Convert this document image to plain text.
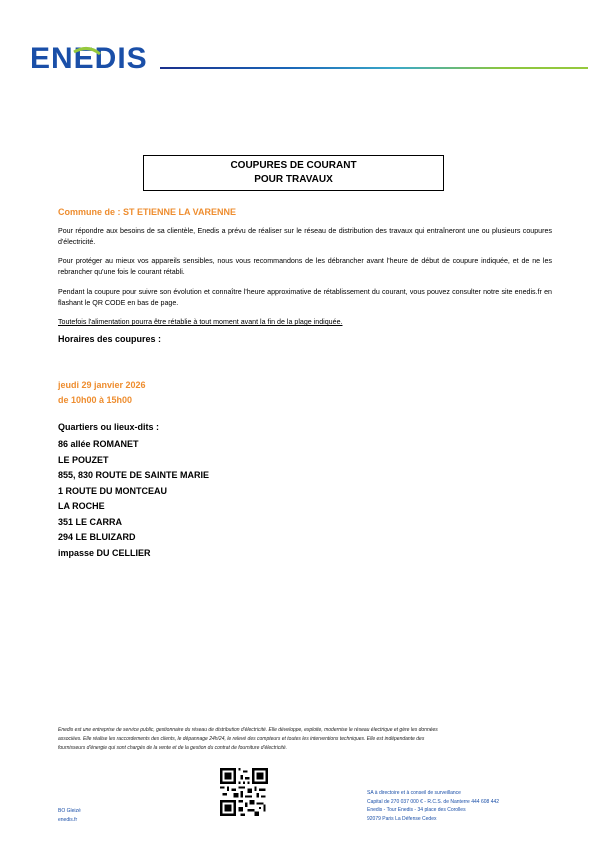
ENEDIS
COUPURES DE COURANT
POUR TRAVAUX
Commune de : ST ETIENNE LA VARENNE
Pour répondre aux besoins de sa clientèle, Enedis a prévu de réaliser sur le réseau de distribution des travaux qui entraîneront une ou plusieurs coupures d'électricité.
Pour protéger au mieux vos appareils sensibles, nous vous recommandons de les débrancher avant l'heure de début de coupure indiquée, et de ne les rebrancher qu'une fois le courant rétabli.
Pendant la coupure pour suivre son évolution et connaître l'heure approximative de rétablissement du courant, vous pouvez consulter notre site enedis.fr en flashant le QR CODE en bas de page.
Toutefois l'alimentation pourra être rétablie à tout moment avant la fin de la plage indiquée.
Horaires des coupures :
jeudi 29 janvier 2026
de 10h00 à 15h00
Quartiers ou lieux-dits :
86 allée ROMANET
LE POUZET
855, 830 ROUTE DE SAINTE MARIE
1 ROUTE DU MONTCEAU
LA ROCHE
351 LE CARRA
294 LE BLUIZARD
impasse DU CELLIER
Enedis est une entreprise de service public, gestionnaire du réseau de distribution d'électricité. Elle développe, exploite, modernise le réseau électrique et gère les données
associées. Elle réalise les raccordements des clients, le dépannage 24h/24, le relevé des compteurs et toutes les interventions techniques. Elle est indépendante des
fournisseurs d'énergie qui sont chargés de la vente et de la gestion du contrat de fourniture d'électricité.
BO Gleizé
enedis.fr
SA à directoire et à conseil de surveillance
Capital de 270 037 000 € - R.C.S. de Nanterre 444 608 442
Enedis - Tour Enedis - 34 place des Corolles
92079 Paris La Défense Cedex
